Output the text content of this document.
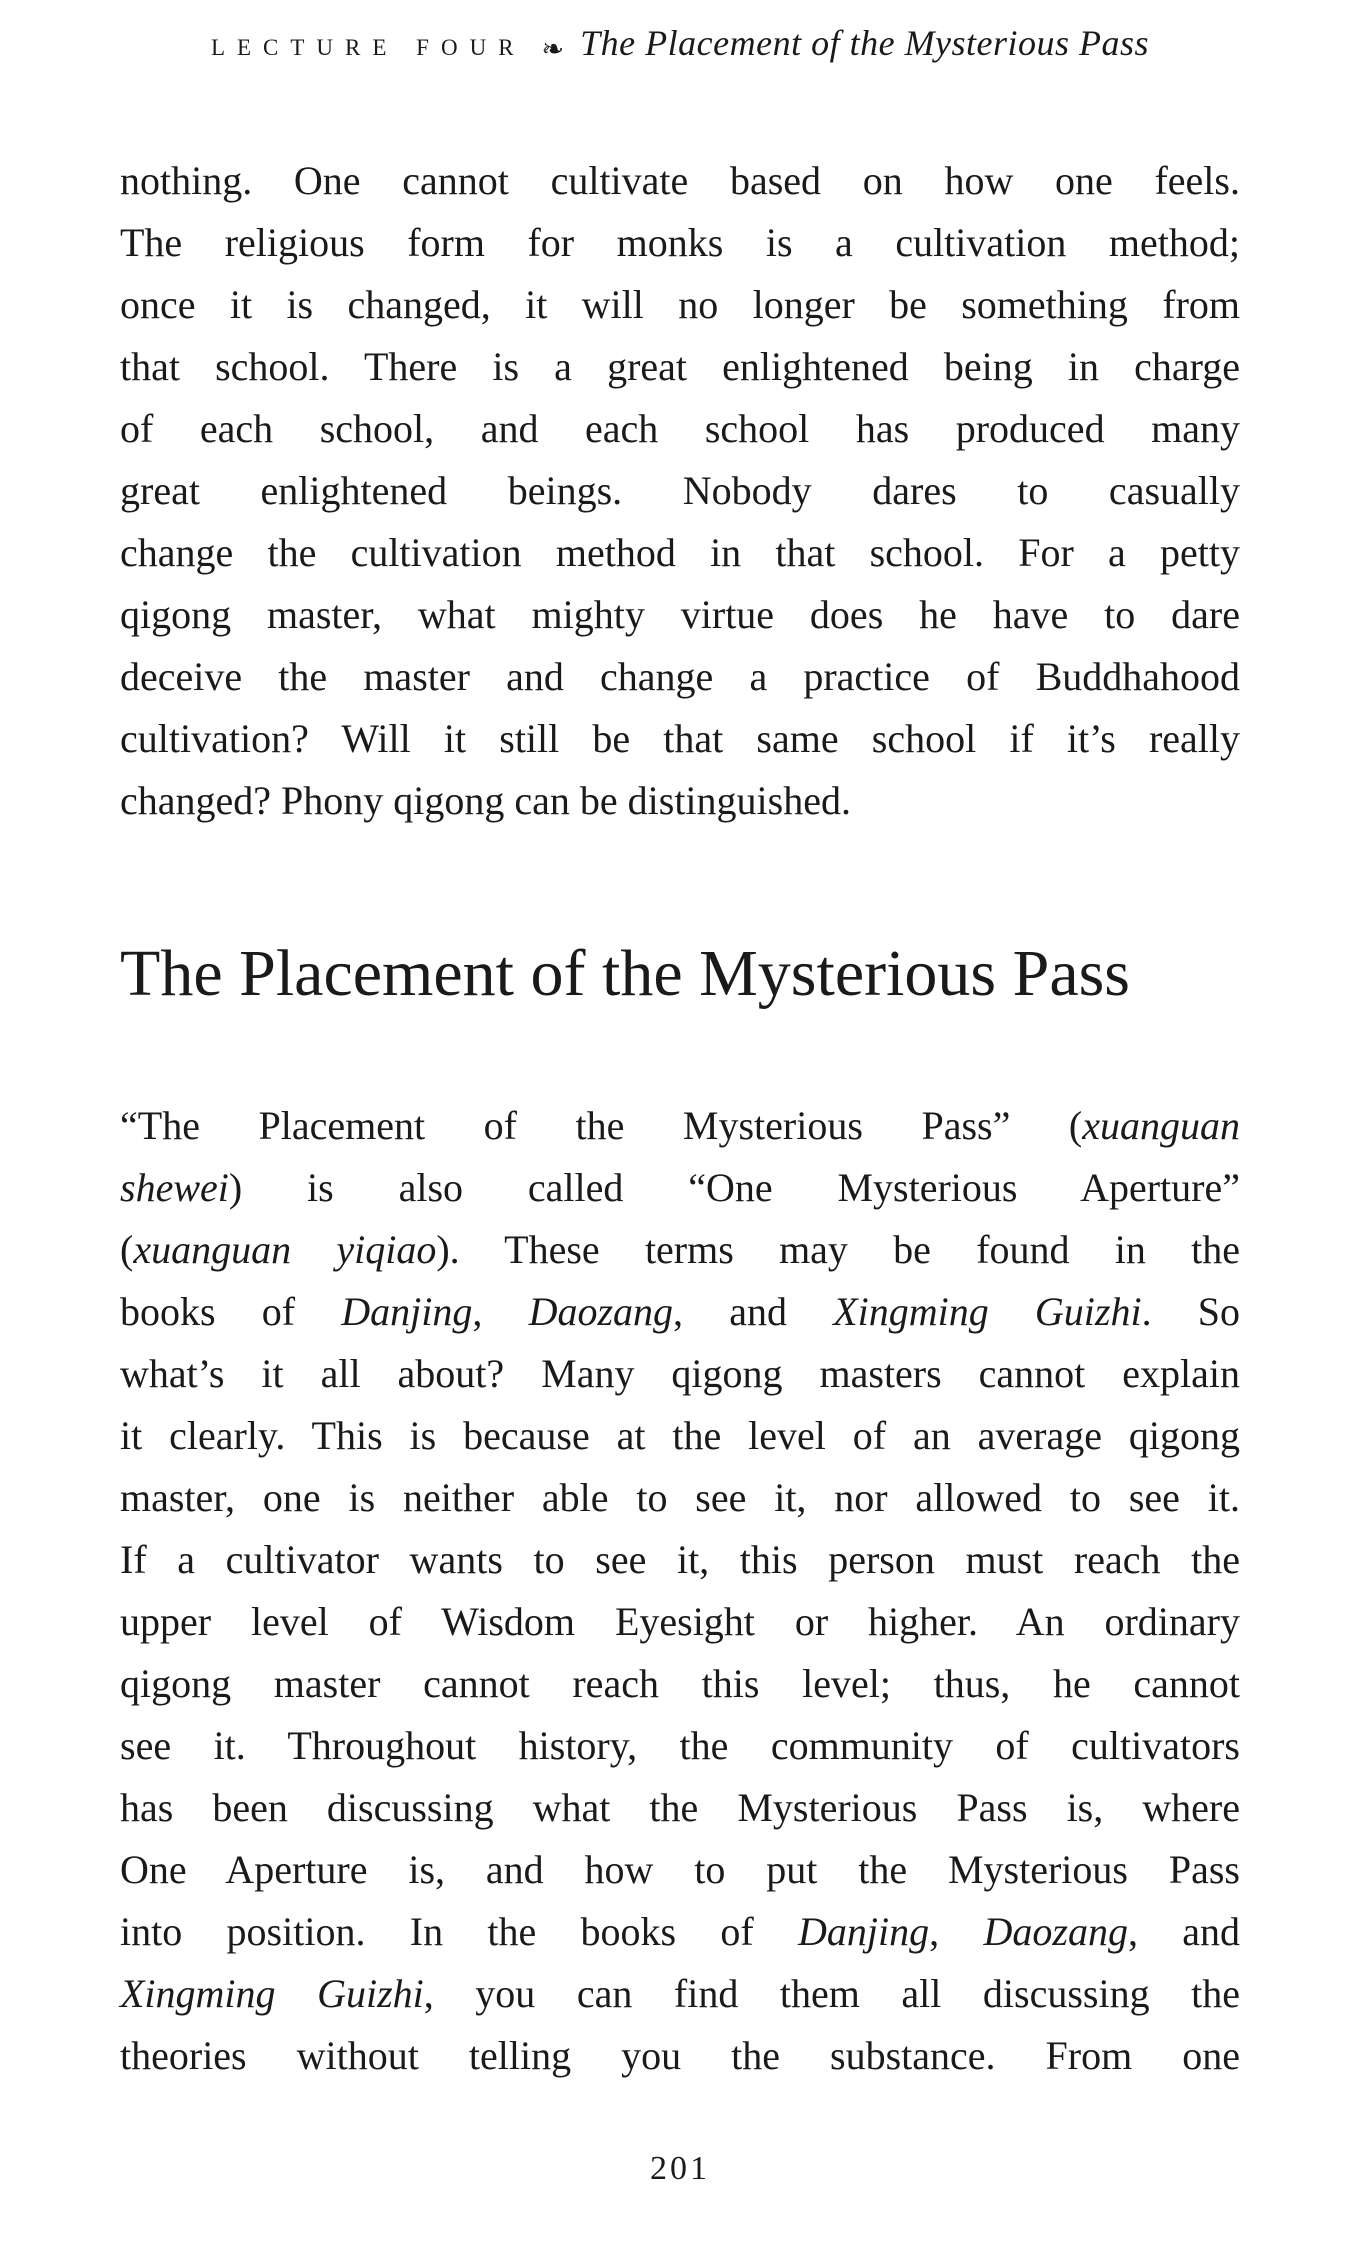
LECTURE FOUR ❧ The Placement of the Mysterious Pass
nothing. One cannot cultivate based on how one feels.
The religious form for monks is a cultivation method;
once it is changed, it will no longer be something from
that school. There is a great enlightened being in charge
of each school, and each school has produced many
great enlightened beings. Nobody dares to casually
change the cultivation method in that school. For a petty
qigong master, what mighty virtue does he have to dare
deceive the master and change a practice of Buddhahood
cultivation? Will it still be that same school if it’s really
changed? Phony qigong can be distinguished.
The Placement of the Mysterious Pass
“The Placement of the Mysterious Pass” (xuanguan
shewei) is also called “One Mysterious Aperture”
(xuanguan yiqiao). These terms may be found in the
books of Danjing, Daozang, and Xingming Guizhi. So
what’s it all about? Many qigong masters cannot explain
it clearly. This is because at the level of an average qigong
master, one is neither able to see it, nor allowed to see it.
If a cultivator wants to see it, this person must reach the
upper level of Wisdom Eyesight or higher. An ordinary
qigong master cannot reach this level; thus, he cannot
see it. Throughout history, the community of cultivators
has been discussing what the Mysterious Pass is, where
One Aperture is, and how to put the Mysterious Pass
into position. In the books of Danjing, Daozang, and
Xingming Guizhi, you can find them all discussing the
theories without telling you the substance. From one
201
